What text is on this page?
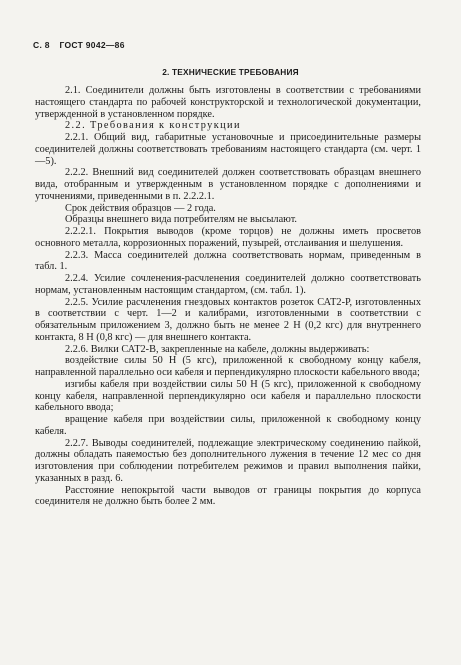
С. 8 ГОСТ 9042—86
2. ТЕХНИЧЕСКИЕ ТРЕБОВАНИЯ

2.1. Соединители должны быть изготовлены в соответствии с требованиями настоящего стандарта по рабочей конструкторской и технологической документации, утвержденной в установленном порядке.

2.2. Требования к конструкции

2.2.1. Общий вид, габаритные установочные и присоединительные размеры соединителей должны соответствовать требованиям настоящего стандарта (см. черт. 1—5).

2.2.2. Внешний вид соединителей должен соответствовать образцам внешнего вида, отобранным и утвержденным в установленном порядке с дополнениями и уточнениями, приведенными в п. 2.2.2.1.

Срок действия образцов — 2 года.

Образцы внешнего вида потребителям не высылают.

2.2.2.1. Покрытия выводов (кроме торцов) не должны иметь просветов основного металла, коррозионных поражений, пузырей, отслаивания и шелушения.

2.2.3. Масса соединителей должна соответствовать нормам, приведенным в табл. 1.

2.2.4. Усилие сочленения-расчленения соединителей должно соответствовать нормам, установленным настоящим стандартом, (см. табл. 1).

2.2.5. Усилие расчленения гнездовых контактов розеток САТ2-Р, изготовленных в соответствии с черт. 1—2 и калибрами, изготовленными в соответствии с обязательным приложением 3, должно быть не менее 2 Н (0,2 кгс) для внутреннего контакта, 8 Н (0,8 кгс) — для внешнего контакта.

2.2.6. Вилки САТ2-В, закрепленные на кабеле, должны выдерживать:

воздействие силы 50 Н (5 кгс), приложенной к свободному концу кабеля, направленной параллельно оси кабеля и перпендикулярно плоскости кабельного ввода;

изгибы кабеля при воздействии силы 50 Н (5 кгс), приложенной к свободному концу кабеля, направленной перпендикулярно оси кабеля и параллельно плоскости кабельного ввода;

вращение кабеля при воздействии силы, приложенной к свободному концу кабеля.

2.2.7. Выводы соединителей, подлежащие электрическому соединению пайкой, должны обладать паяемостью без дополнительного лужения в течение 12 мес со дня изготовления при соблюдении потребителем режимов и правил выполнения пайки, указанных в разд. 6.

Расстояние непокрытой части выводов от границы покрытия до корпуса соединителя не должно быть более 2 мм.
